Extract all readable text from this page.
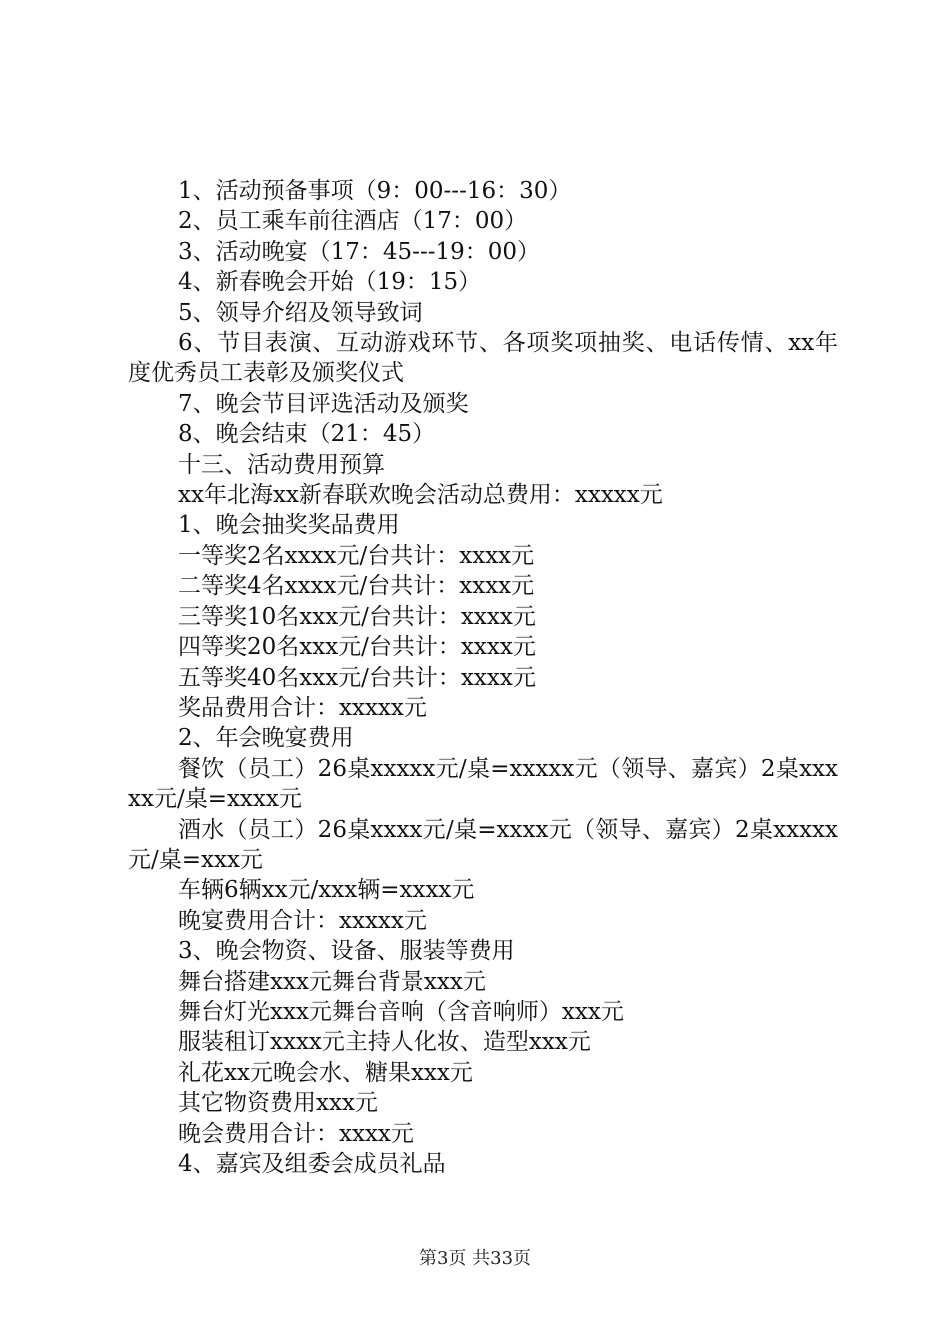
1、活动预备事项（9：00---16：30）

2、员工乘车前往酒店（17：00）

3、活动晚宴（17：45---19：00）

4、新春晚会开始（19：15）

5、领导介绍及领导致词

6、节目表演、互动游戏环节、各项奖项抽奖、电话传情、xx年度优秀员工表彰及颁奖仪式

7、晚会节目评选活动及颁奖

8、晚会结束（21：45）

十三、活动费用预算

xx年北海xx新春联欢晚会活动总费用：xxxxx元

1、晚会抽奖奖品费用

一等奖2名xxxx元/台共计：xxxx元

二等奖4名xxxx元/台共计：xxxx元

三等奖10名xxx元/台共计：xxxx元

四等奖20名xxx元/台共计：xxxx元

五等奖40名xxx元/台共计：xxxx元

奖品费用合计：xxxxx元

2、年会晚宴费用

餐饮（员工）26桌xxxxx元/桌=xxxxx元（领导、嘉宾）2桌xxxxx元/桌=xxxx元

酒水（员工）26桌xxxx元/桌=xxxx元（领导、嘉宾）2桌xxxxx元/桌=xxx元

车辆6辆xx元/xxx辆=xxxx元

晚宴费用合计：xxxxx元

3、晚会物资、设备、服装等费用

舞台搭建xxx元舞台背景xxx元

舞台灯光xxx元舞台音响（含音响师）xxx元

服装租订xxxx元主持人化妆、造型xxx元

礼花xx元晚会水、糖果xxx元

其它物资费用xxx元

晚会费用合计：xxxx元

4、嘉宾及组委会成员礼品

第3页 共33页
